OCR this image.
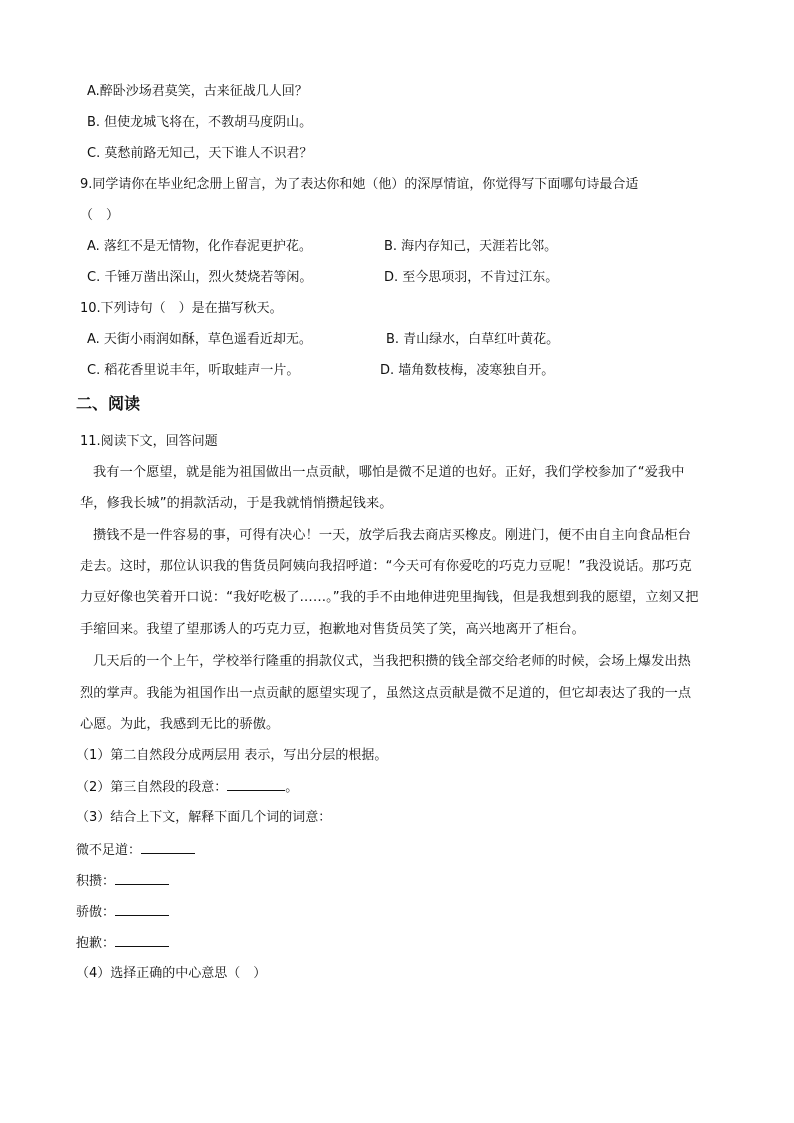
A.醉卧沙场君莫笑，古来征战几人回？
B. 但使龙城飞将在，不教胡马度阴山。
C. 莫愁前路无知己，天下谁人不识君？
9.同学请你在毕业纪念册上留言，为了表达你和她（他）的深厚情谊，你觉得写下面哪句诗最合适
（　）
A. 落红不是无情物，化作春泥更护花。	B. 海内存知己，天涯若比邻。
C. 千锤万凿出深山，烈火焚烧若等闲。	D. 至今思项羽，不肯过江东。
10.下列诗句（　）是在描写秋天。
A. 天街小雨润如酥，草色遥看近却无。	B. 青山绿水，白草红叶黄花。
C. 稻花香里说丰年，听取蛙声一片。	D. 墙角数枝梅，凌寒独自开。
二、阅读
11.阅读下文，回答问题
我有一个愿望，就是能为祖国做出一点贡献，哪怕是微不足道的也好。正好，我们学校参加了“爱我中
华，修我长城”的捐款活动，于是我就悄悄攒起钱来。
攒钱不是一件容易的事，可得有决心！一天，放学后我去商店买橡皮。刚进门，便不由自主向食品柜台
走去。这时，那位认识我的售货员阿姨向我招呼道：“今天可有你爱吃的巧克力豆呢！”我没说话。那巧克
力豆好像也笑着开口说：“我好吃极了……。”我的手不由地伸进兜里掏钱，但是我想到我的愿望，立刻又把
手缩回来。我望了望那诱人的巧克力豆，抱歉地对售货员笑了笑，高兴地离开了柜台。
几天后的一个上午，学校举行隆重的捐款仪式，当我把积攒的钱全部交给老师的时候，会场上爆发出热
烈的掌声。我能为祖国作出一点贡献的愿望实现了，虽然这点贡献是微不足道的，但它却表达了我的一点
心愿。为此，我感到无比的骄傲。
（1）第二自然段分成两层用 表示，写出分层的根据。
（2）第三自然段的段意：	。
（3）结合上下文，解释下面几个词的词意：
微不足道：
积攒：
骄傲：
抱歉：
（4）选择正确的中心意思（　）
